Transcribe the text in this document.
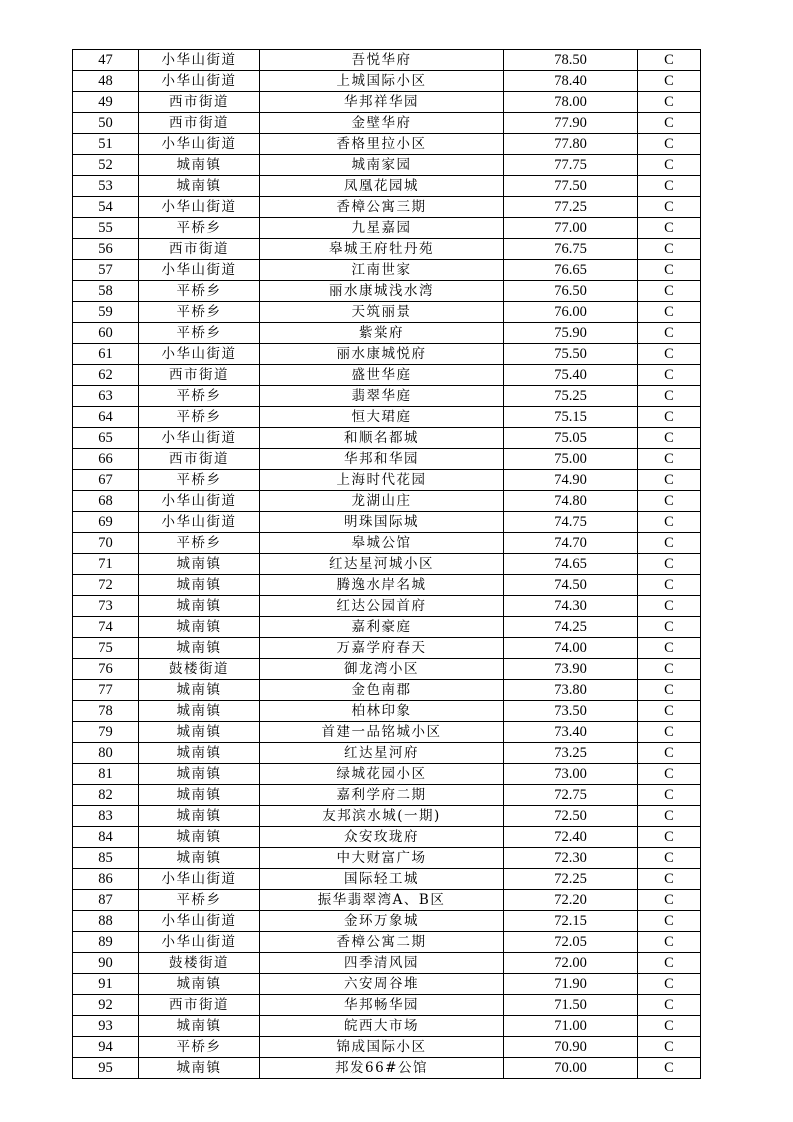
47	小华山街道	吾悦华府	78.50	C
48	小华山街道	上城国际小区	78.40	C
49	西市街道	华邦祥华园	78.00	C
50	西市街道	金壁华府	77.90	C
51	小华山街道	香格里拉小区	77.80	C
52	城南镇	城南家园	77.75	C
53	城南镇	凤凰花园城	77.50	C
54	小华山街道	香樟公寓三期	77.25	C
55	平桥乡	九星嘉园	77.00	C
56	西市街道	皋城王府牡丹苑	76.75	C
57	小华山街道	江南世家	76.65	C
58	平桥乡	丽水康城浅水湾	76.50	C
59	平桥乡	天筑丽景	76.00	C
60	平桥乡	紫棠府	75.90	C
61	小华山街道	丽水康城悦府	75.50	C
62	西市街道	盛世华庭	75.40	C
63	平桥乡	翡翠华庭	75.25	C
64	平桥乡	恒大珺庭	75.15	C
65	小华山街道	和顺名都城	75.05	C
66	西市街道	华邦和华园	75.00	C
67	平桥乡	上海时代花园	74.90	C
68	小华山街道	龙湖山庄	74.80	C
69	小华山街道	明珠国际城	74.75	C
70	平桥乡	皋城公馆	74.70	C
71	城南镇	红达星河城小区	74.65	C
72	城南镇	腾逸水岸名城	74.50	C
73	城南镇	红达公园首府	74.30	C
74	城南镇	嘉利豪庭	74.25	C
75	城南镇	万嘉学府春天	74.00	C
76	鼓楼街道	御龙湾小区	73.90	C
77	城南镇	金色南郡	73.80	C
78	城南镇	柏林印象	73.50	C
79	城南镇	首建一品铭城小区	73.40	C
80	城南镇	红达星河府	73.25	C
81	城南镇	绿城花园小区	73.00	C
82	城南镇	嘉利学府二期	72.75	C
83	城南镇	友邦滨水城(一期)	72.50	C
84	城南镇	众安玫珑府	72.40	C
85	城南镇	中大财富广场	72.30	C
86	小华山街道	国际轻工城	72.25	C
87	平桥乡	振华翡翠湾A、B区	72.20	C
88	小华山街道	金环万象城	72.15	C
89	小华山街道	香樟公寓二期	72.05	C
90	鼓楼街道	四季清风园	72.00	C
91	城南镇	六安周谷堆	71.90	C
92	西市街道	华邦畅华园	71.50	C
93	城南镇	皖西大市场	71.00	C
94	平桥乡	锦成国际小区	70.90	C
95	城南镇	邦发66#公馆	70.00	C
